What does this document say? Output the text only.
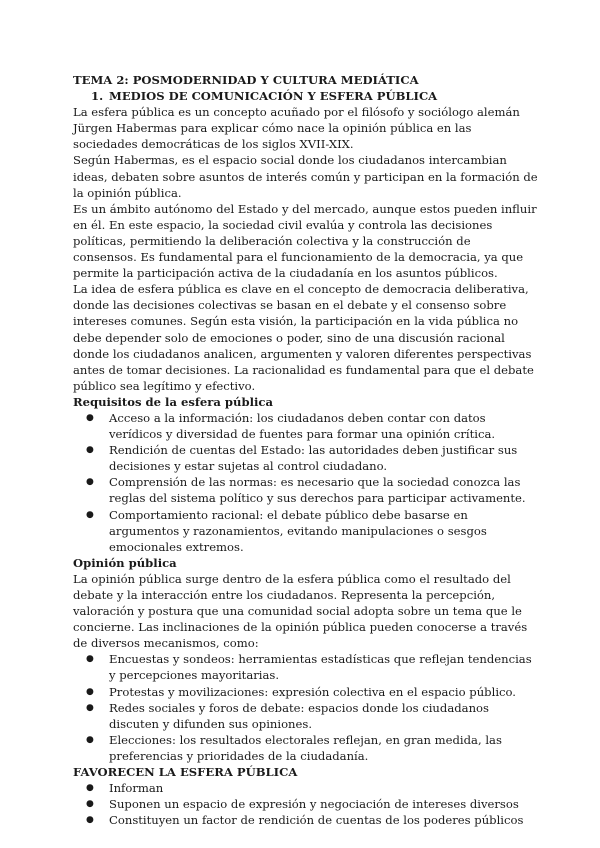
TEMA 2: POSMODERNIDAD Y CULTURA MEDIÁTICA

1. MEDIOS DE COMUNICACIÓN Y ESFERA PÚBLICA

La esfera pública es un concepto acuñado por el filósofo y sociólogo alemán Jürgen Habermas para explicar cómo nace la opinión pública en las sociedades democráticas de los siglos XVII-XIX.

Según Habermas, es el espacio social donde los ciudadanos intercambian ideas, debaten sobre asuntos de interés común y participan en la formación de la opinión pública.

Es un ámbito autónomo del Estado y del mercado, aunque estos pueden influir en él. En este espacio, la sociedad civil evalúa y controla las decisiones políticas, permitiendo la deliberación colectiva y la construcción de consensos. Es fundamental para el funcionamiento de la democracia, ya que permite la participación activa de la ciudadanía en los asuntos públicos.

La idea de esfera pública es clave en el concepto de democracia deliberativa, donde las decisiones colectivas se basan en el debate y el consenso sobre intereses comunes. Según esta visión, la participación en la vida pública no debe depender solo de emociones o poder, sino de una discusión racional donde los ciudadanos analicen, argumenten y valoren diferentes perspectivas antes de tomar decisiones. La racionalidad es fundamental para que el debate público sea legítimo y efectivo.

Requisitos de la esfera pública

● Acceso a la información: los ciudadanos deben contar con datos verídicos y diversidad de fuentes para formar una opinión crítica.
● Rendición de cuentas del Estado: las autoridades deben justificar sus decisiones y estar sujetas al control ciudadano.
● Comprensión de las normas: es necesario que la sociedad conozca las reglas del sistema político y sus derechos para participar activamente.
● Comportamiento racional: el debate público debe basarse en argumentos y razonamientos, evitando manipulaciones o sesgos emocionales extremos.

Opinión pública

La opinión pública surge dentro de la esfera pública como el resultado del debate y la interacción entre los ciudadanos. Representa la percepción, valoración y postura que una comunidad social adopta sobre un tema que le concierne. Las inclinaciones de la opinión pública pueden conocerse a través de diversos mecanismos, como:

● Encuestas y sondeos: herramientas estadísticas que reflejan tendencias y percepciones mayoritarias.
● Protestas y movilizaciones: expresión colectiva en el espacio público.
● Redes sociales y foros de debate: espacios donde los ciudadanos discuten y difunden sus opiniones.
● Elecciones: los resultados electorales reflejan, en gran medida, las preferencias y prioridades de la ciudadanía.

FAVORECEN LA ESFERA PÚBLICA

● Informan
● Suponen un espacio de expresión y negociación de intereses diversos
● Constituyen un factor de rendición de cuentas de los poderes públicos
